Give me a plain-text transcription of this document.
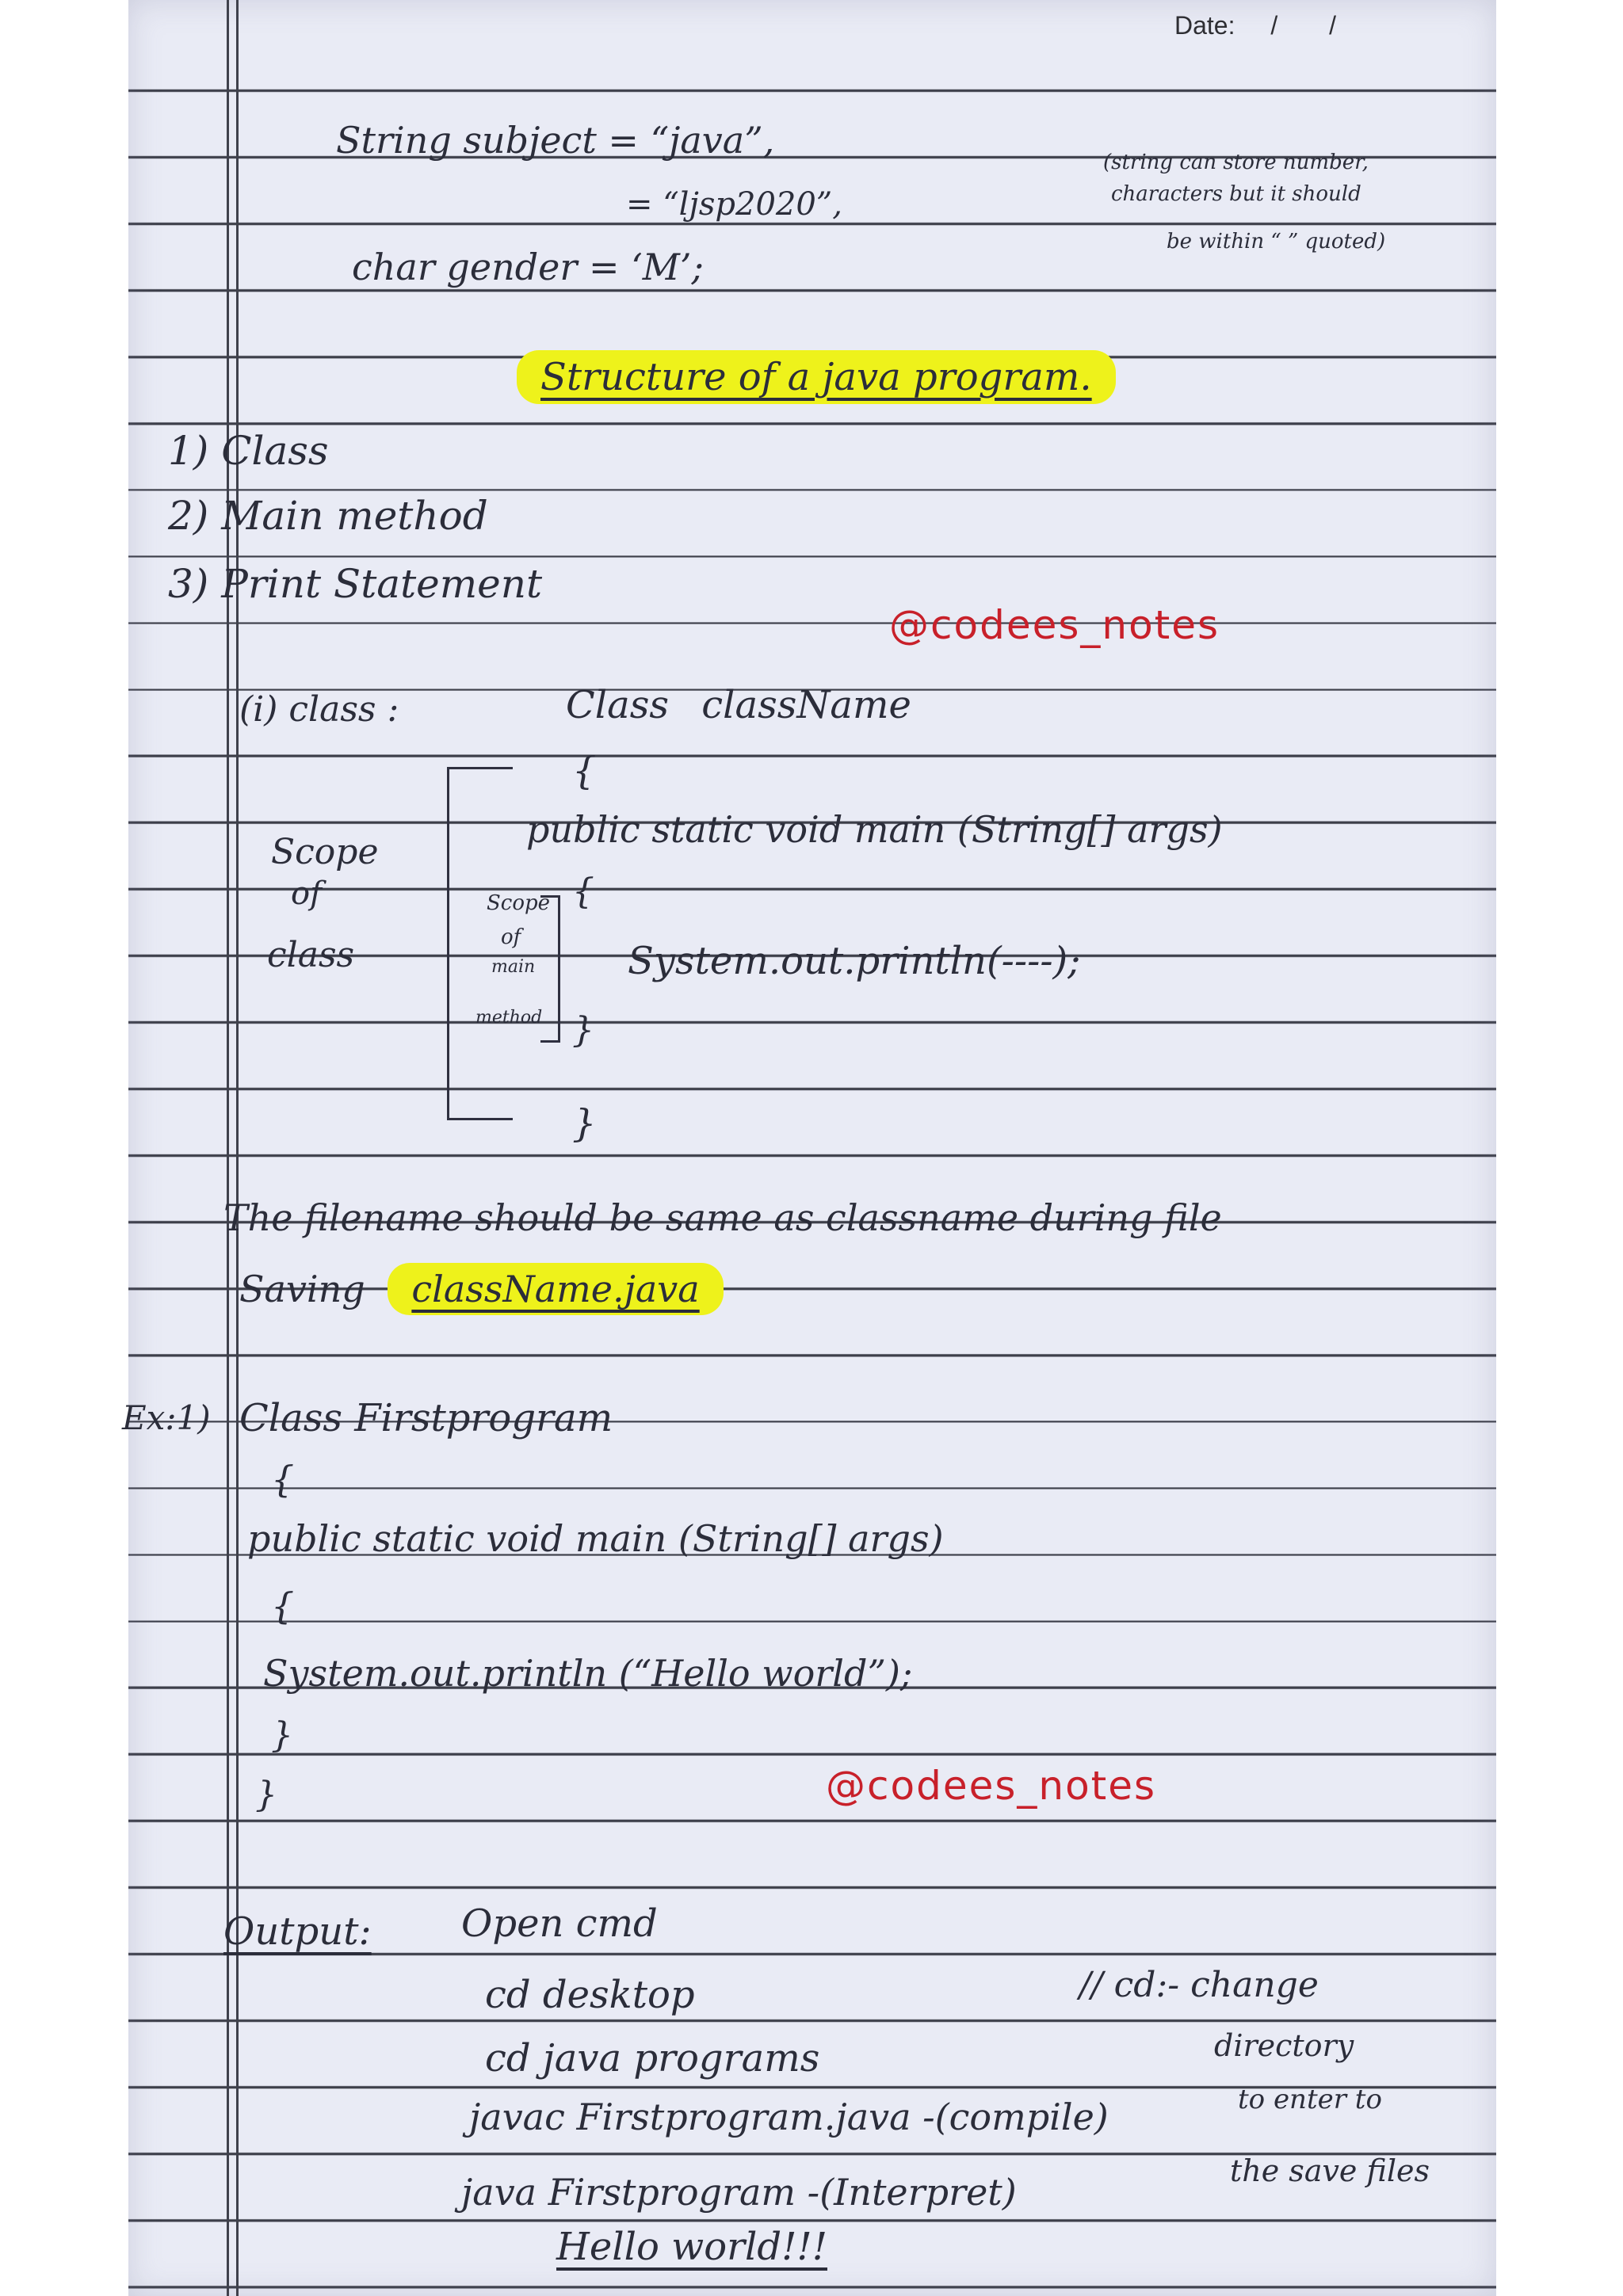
Date: / /
String subject = “java”,
= “ljsp2020”,
char gender = ‘M’;
(string can store number,
characters but it should
be within “ ” quoted)
Structure of a java program.
1) Class
2) Main method
3) Print Statement
@codees_notes
(i) class :	Class className
{
public static void main (String[] args)
{
System.out.println(----);
}
}
Scope
of
class
Scope
of
main
method
The filename should be same as classname during file
Saving className.java
Ex:1) Class Firstprogram
{
public static void main (String[] args)
{
System.out.println (“Hello world”);
}
}	@codees_notes
Output: Open cmd
cd desktop
cd java programs
javac Firstprogram.java -(compile)
java Firstprogram -(Interpret)
Hello world!!!
// cd:- change
directory
to enter to
the save files
